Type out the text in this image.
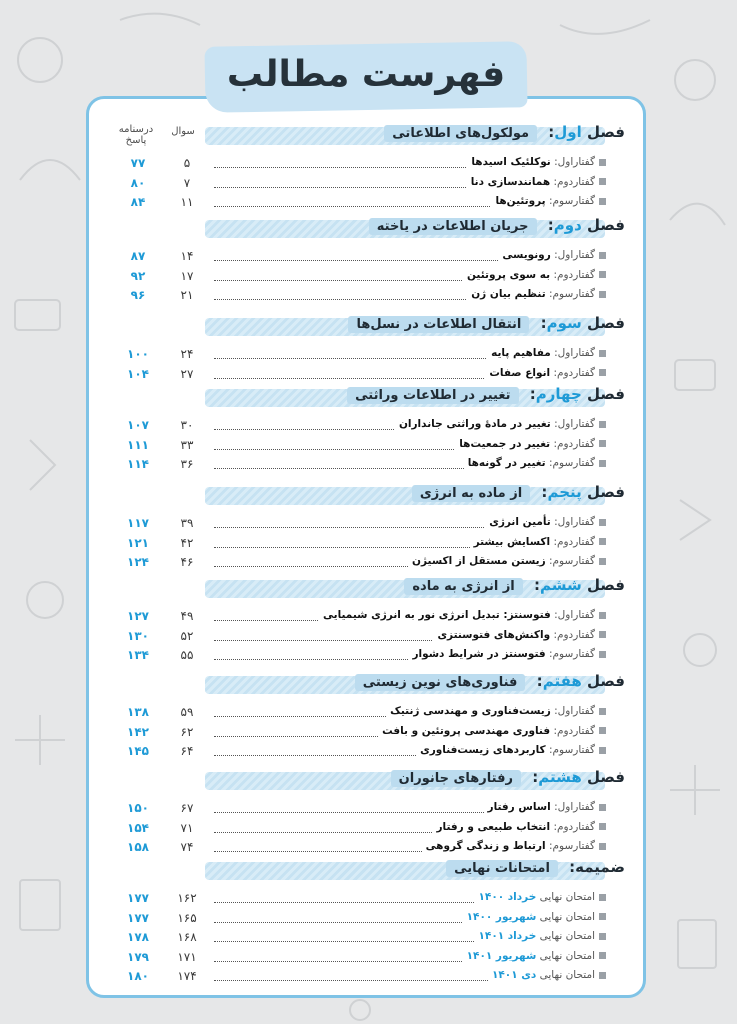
فهرست مطالب
سوال
درسنامه پاسخ	فصل اول: مولکول‌های اطلاعاتی
۷۷	۵	گفتاراول: نوکلئیک اسیدها
۸۰	۷	گفتاردوم: همانندسازی دنا
۸۴	۱۱	گفتارسوم: پروتئین‌ها
فصل دوم: جریان اطلاعات در یاخته
۸۷	۱۴	گفتاراول: رونویسی
۹۲	۱۷	گفتاردوم: به سوی پروتئین
۹۶	۲۱	گفتارسوم: تنظیم بیان ژن
فصل سوم: انتقال اطلاعات در نسل‌ها
۱۰۰	۲۴	گفتاراول: مفاهیم پایه
۱۰۴	۲۷	گفتاردوم: انواع صفات
فصل چهارم: تغییر در اطلاعات وراثتی
۱۰۷	۳۰	گفتاراول: تغییر در مادهٔ وراثتی جانداران
۱۱۱	۳۳	گفتاردوم: تغییر در جمعیت‌ها
۱۱۴	۳۶	گفتارسوم: تغییر در گونه‌ها
فصل پنجم: از ماده به انرژی
۱۱۷	۳۹	گفتاراول: تأمین انرژی
۱۲۱	۴۲	گفتاردوم: اکسایش بیشتر
۱۲۴	۴۶	گفتارسوم: زیستن مستقل از اکسیژن
فصل ششم: از انرژی به ماده
۱۲۷	۴۹	گفتاراول: فتوسنتز: تبدیل انرژی نور به انرژی شیمیایی
۱۳۰	۵۲	گفتاردوم: واکنش‌های فتوسنتزی
۱۳۴	۵۵	گفتارسوم: فتوسنتز در شرایط دشوار
فصل هفتم: فناوری‌های نوین زیستی
۱۳۸	۵۹	گفتاراول: زیست‌فناوری و مهندسی ژنتیک
۱۴۲	۶۲	گفتاردوم: فناوری مهندسی پروتئین و بافت
۱۴۵	۶۴	گفتارسوم: کاربردهای زیست‌فناوری
فصل هشتم: رفتارهای جانوران
۱۵۰	۶۷	گفتاراول: اساس رفتار
۱۵۴	۷۱	گفتاردوم: انتخاب طبیعی و رفتار
۱۵۸	۷۴	گفتارسوم: ارتباط و زندگی گروهی
ضمیمه: امتحانات نهایی
۱۷۷	۱۶۲	امتحان نهایی خرداد ۱۴۰۰
۱۷۷	۱۶۵	امتحان نهایی شهریور ۱۴۰۰
۱۷۸	۱۶۸	امتحان نهایی خرداد ۱۴۰۱
۱۷۹	۱۷۱	امتحان نهایی شهریور ۱۴۰۱
۱۸۰	۱۷۴	امتحان نهایی دی ۱۴۰۱
